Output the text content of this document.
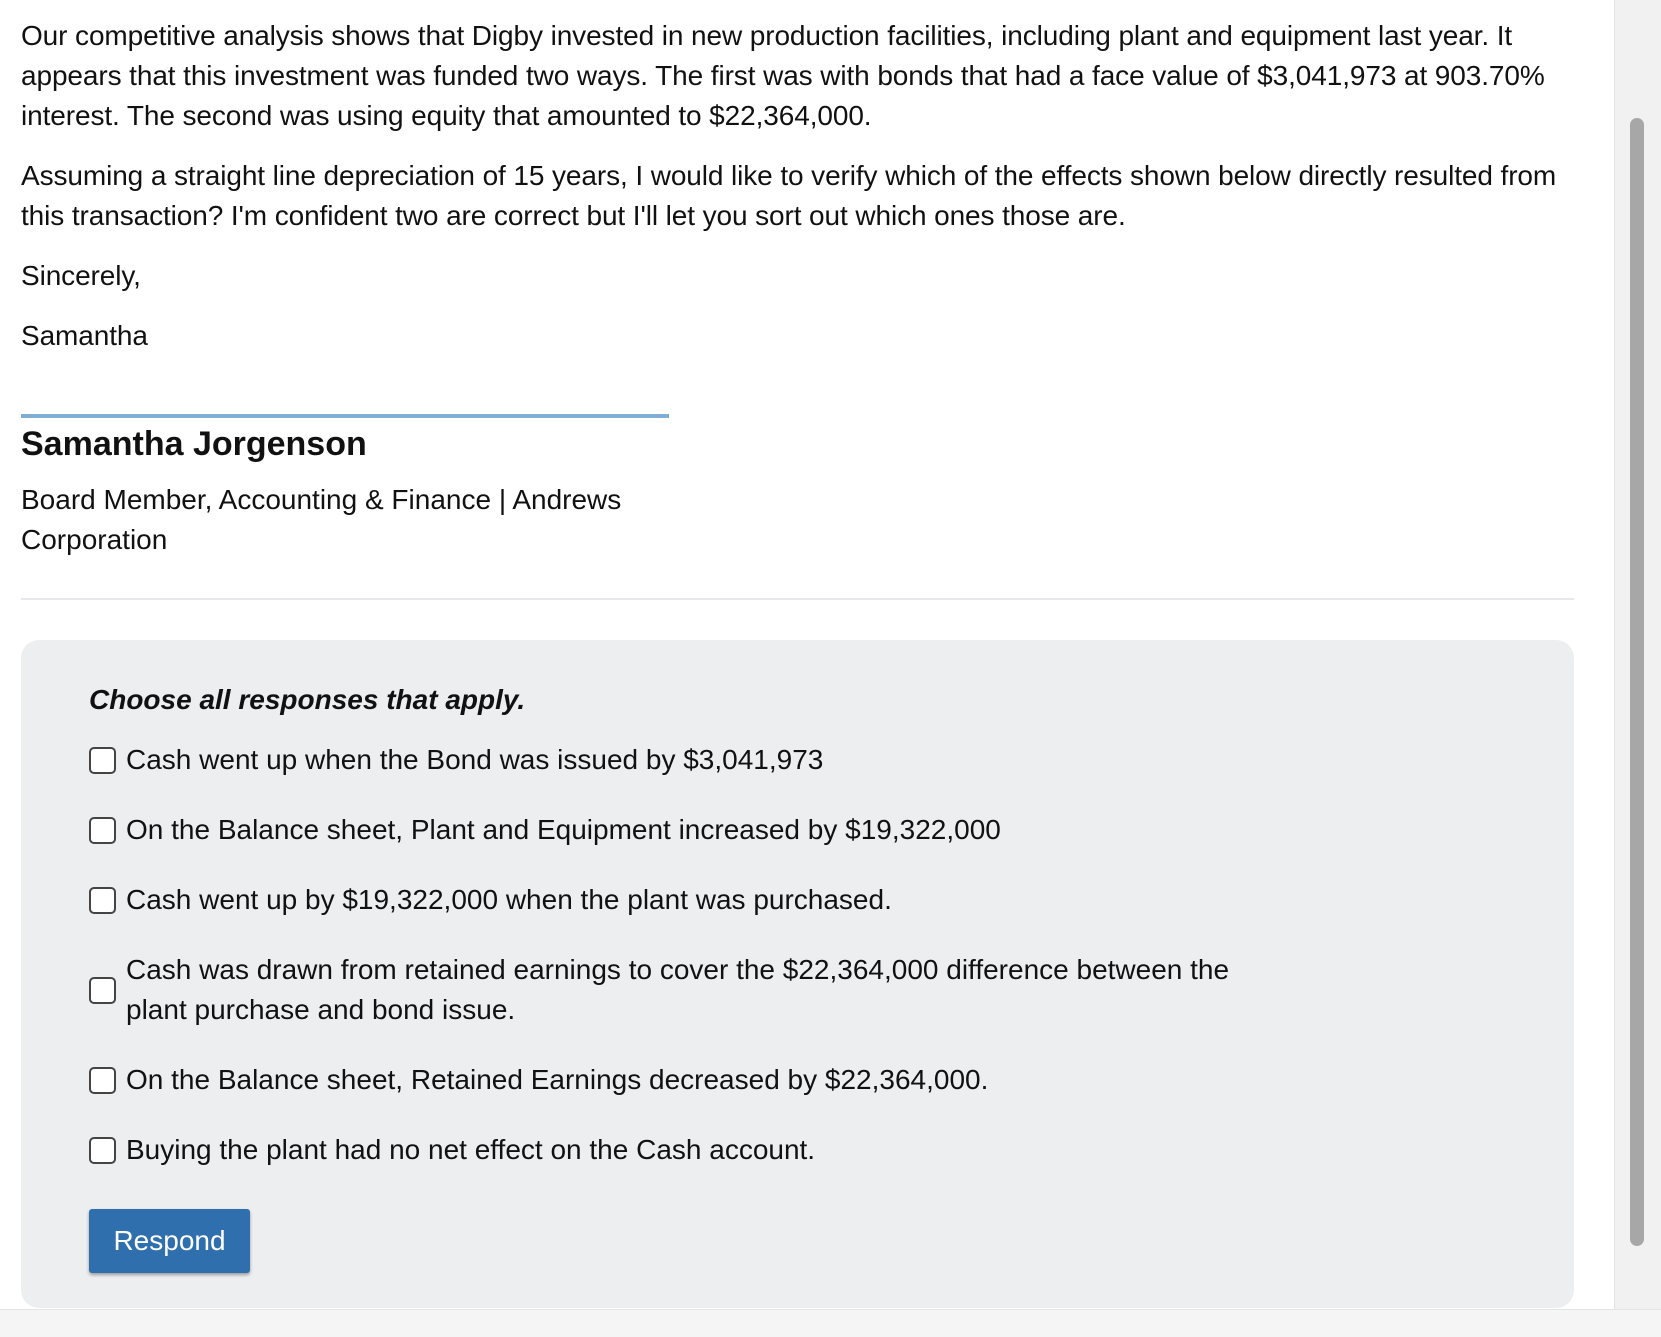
Our competitive analysis shows that Digby invested in new production facilities, including plant and equipment last year. It appears that this investment was funded two ways. The first was with bonds that had a face value of $3,041,973 at 903.70% interest. The second was using equity that amounted to $22,364,000.

Assuming a straight line depreciation of 15 years, I would like to verify which of the effects shown below directly resulted from this transaction? I'm confident two are correct but I'll let you sort out which ones those are.

Sincerely,

Samantha

Samantha Jorgenson

Board Member, Accounting & Finance | Andrews Corporation

Choose all responses that apply.

Cash went up when the Bond was issued by $3,041,973
On the Balance sheet, Plant and Equipment increased by $19,322,000
Cash went up by $19,322,000 when the plant was purchased.
Cash was drawn from retained earnings to cover the $22,364,000 difference between the plant purchase and bond issue.
On the Balance sheet, Retained Earnings decreased by $22,364,000.
Buying the plant had no net effect on the Cash account.
Respond
